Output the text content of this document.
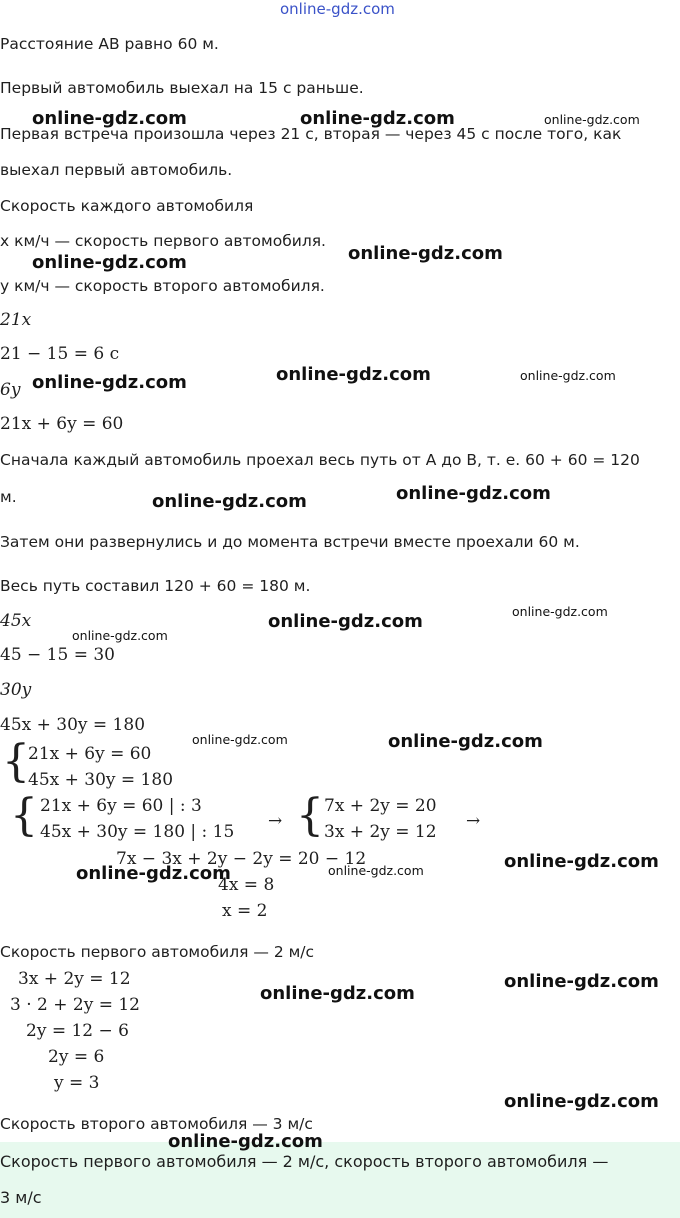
online-gdz.com
Расстояние AB равно 60 м.
Первый автомобиль выехал на 15 с раньше.
Первая встреча произошла через 21 с, вторая — через 45 с после того, как
выехал первый автомобиль.
Скорость каждого автомобиля
x км/ч — скорость первого автомобиля.
y км/ч — скорость второго автомобиля.
21x
21 − 15 = 6 с
6y
21x + 6y = 60
Сначала каждый автомобиль проехал весь путь от A до B, т. е. 60 + 60 = 120
м.
Затем они развернулись и до момента встречи вместе проехали 60 м.
Весь путь составил 120 + 60 = 180 м.
45x
45 − 15 = 30
30y
45x + 30y = 180
{
21x + 6y = 60
45x + 30y = 180
{ 21x + 6y = 60 | : 3
45x + 30y = 180 | : 15
→ { 7x + 2y = 20
3x + 2y = 12
→
7x − 3x + 2y − 2y = 20 − 12
4x = 8
x = 2
Скорость первого автомобиля — 2 м/с
3x + 2y = 12
3 · 2 + 2y = 12
2y = 12 − 6
2y = 6
y = 3
Скорость второго автомобиля — 3 м/с
Скорость первого автомобиля — 2 м/с, скорость второго автомобиля —
3 м/с
online-gdz.com	online-gdz.com	online-gdz.com
online-gdz.com	online-gdz.com
online-gdz.com	online-gdz.com	online-gdz.com
online-gdz.com	online-gdz.com
online-gdz.com
online-gdz.com
online-gdz.com
online-gdz.com	online-gdz.com
online-gdz.com
online-gdz.com	online-gdz.com
online-gdz.com
online-gdz.com
online-gdz.com
online-gdz.com
